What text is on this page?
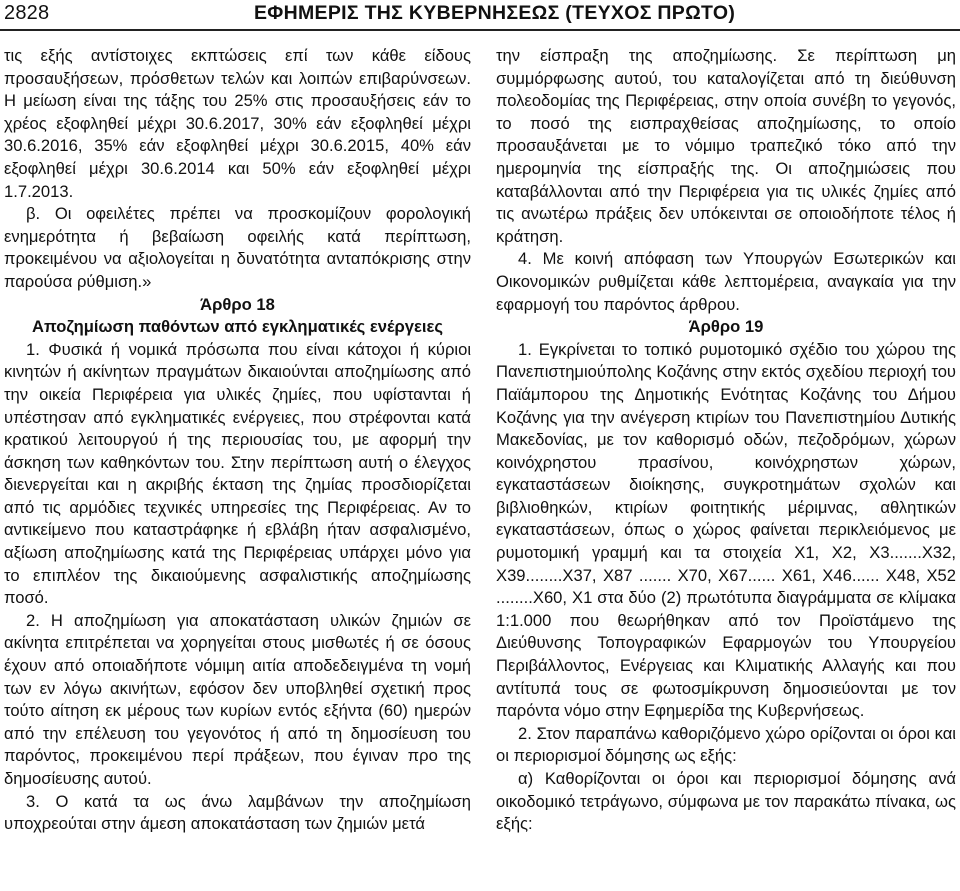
2828	ΕΦΗΜΕΡΙΣ ΤΗΣ ΚΥΒΕΡΝΗΣΕΩΣ (ΤΕΥΧΟΣ ΠΡΩΤΟ)

τις εξής αντίστοιχες εκπτώσεις επί των κάθε είδους προσαυξήσεων, πρόσθετων τελών και λοιπών επιβαρύνσεων. Η μείωση είναι της τάξης του 25% στις προσαυξήσεις εάν το χρέος εξοφληθεί μέχρι 30.6.2017, 30% εάν εξοφληθεί μέχρι 30.6.2016, 35% εάν εξοφληθεί μέχρι 30.6.2015, 40% εάν εξοφληθεί μέχρι 30.6.2014 και 50% εάν εξοφληθεί μέχρι 1.7.2013.

β. Οι οφειλέτες πρέπει να προσκομίζουν φορολογική ενημερότητα ή βεβαίωση οφειλής κατά περίπτωση, προκειμένου να αξιολογείται η δυνατότητα ανταπόκρισης στην παρούσα ρύθμιση.»

Άρθρο 18

Αποζημίωση παθόντων από εγκληματικές ενέργειες

1. Φυσικά ή νομικά πρόσωπα που είναι κάτοχοι ή κύριοι κινητών ή ακίνητων πραγμάτων δικαιούνται αποζημίωσης από την οικεία Περιφέρεια για υλικές ζημίες, που υφίστανται ή υπέστησαν από εγκληματικές ενέργειες, που στρέφονται κατά κρατικού λειτουργού ή της περιουσίας του, με αφορμή την άσκηση των καθηκόντων του. Στην περίπτωση αυτή ο έλεγχος διενεργείται και η ακριβής έκταση της ζημίας προσδιορίζεται από τις αρμόδιες τεχνικές υπηρεσίες της Περιφέρειας. Αν το αντικείμενο που καταστράφηκε ή εβλάβη ήταν ασφαλισμένο, αξίωση αποζημίωσης κατά της Περιφέρειας υπάρχει μόνο για το επιπλέον της δικαιούμενης ασφαλιστικής αποζημίωσης ποσό.

2. Η αποζημίωση για αποκατάσταση υλικών ζημιών σε ακίνητα επιτρέπεται να χορηγείται στους μισθωτές ή σε όσους έχουν από οποιαδήποτε νόμιμη αιτία αποδεδειγμένα τη νομή των εν λόγω ακινήτων, εφόσον δεν υποβληθεί σχετική προς τούτο αίτηση εκ μέρους των κυρίων εντός εξήντα (60) ημερών από την επέλευση του γεγονότος ή από τη δημοσίευση του παρόντος, προκειμένου περί πράξεων, που έγιναν προ της δημοσίευσης αυτού.

3. Ο κατά τα ως άνω λαμβάνων την αποζημίωση υποχρεούται στην άμεση αποκατάσταση των ζημιών μετά

την είσπραξη της αποζημίωσης. Σε περίπτωση μη συμμόρφωσης αυτού, του καταλογίζεται από τη διεύθυνση πολεοδομίας της Περιφέρειας, στην οποία συνέβη το γεγονός, το ποσό της εισπραχθείσας αποζημίωσης, το οποίο προσαυξάνεται με το νόμιμο τραπεζικό τόκο από την ημερομηνία της είσπραξής της. Οι αποζημιώσεις που καταβάλλονται από την Περιφέρεια για τις υλικές ζημίες από τις ανωτέρω πράξεις δεν υπόκεινται σε οποιοδήποτε τέλος ή κράτηση.

4. Με κοινή απόφαση των Υπουργών Εσωτερικών και Οικονομικών ρυθμίζεται κάθε λεπτομέρεια, αναγκαία για την εφαρμογή του παρόντος άρθρου.

Άρθρο 19

1. Εγκρίνεται το τοπικό ρυμοτομικό σχέδιο του χώρου της Πανεπιστημιούπολης Κοζάνης στην εκτός σχεδίου περιοχή του Παϊάμπορου της Δημοτικής Ενότητας Κοζάνης του Δήμου Κοζάνης για την ανέγερση κτιρίων του Πανεπιστημίου Δυτικής Μακεδονίας, με τον καθορισμό οδών, πεζοδρόμων, χώρων κοινόχρηστου πρασίνου, κοινόχρηστων χώρων, εγκαταστάσεων διοίκησης, συγκροτημάτων σχολών και βιβλιοθηκών, κτιρίων φοιτητικής μέριμνας, αθλητικών εγκαταστάσεων, όπως ο χώρος φαίνεται περικλειόμενος με ρυμοτομική γραμμή και τα στοιχεία Χ1, Χ2, Χ3.......Χ32, Χ39........Χ37, Χ87 ....... Χ70, Χ67...... Χ61, Χ46...... Χ48, Χ52 ........Χ60, Χ1 στα δύο (2) πρωτότυπα διαγράμματα σε κλίμακα 1:1.000 που θεωρήθηκαν από τον Προϊστάμενο της Διεύθυνσης Τοπογραφικών Εφαρμογών του Υπουργείου Περιβάλλοντος, Ενέργειας και Κλιματικής Αλλαγής και που αντίτυπά τους σε φωτοσμίκρυνση δημοσιεύονται με τον παρόντα νόμο στην Εφημερίδα της Κυβερνήσεως.

2. Στον παραπάνω καθοριζόμενο χώρο ορίζονται οι όροι και οι περιορισμοί δόμησης ως εξής:

α) Καθορίζονται οι όροι και περιορισμοί δόμησης ανά οικοδομικό τετράγωνο, σύμφωνα με τον παρακάτω πίνακα, ως εξής:
